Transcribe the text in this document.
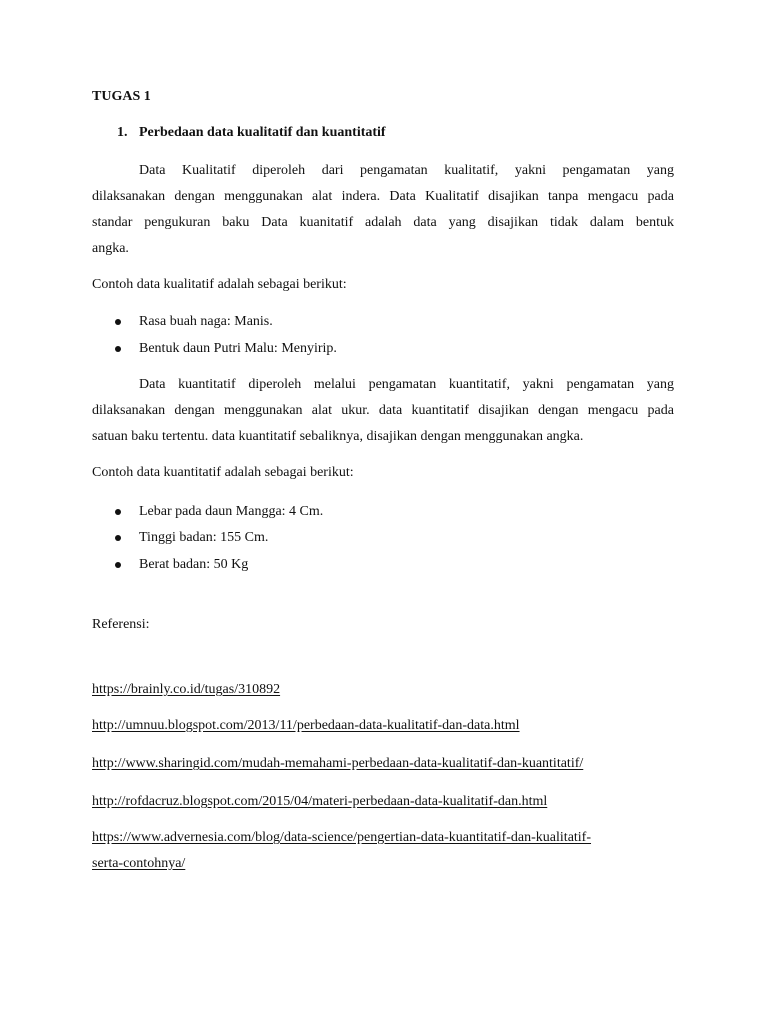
TUGAS 1

1. Perbedaan data kualitatif dan kuantitatif

Data Kualitatif diperoleh dari pengamatan kualitatif, yakni pengamatan yang

dilaksanakan dengan menggunakan alat indera. Data Kualitatif disajikan tanpa mengacu pada

standar pengukuran baku Data kuanitatif adalah data yang disajikan tidak dalam bentuk

angka.

Contoh data kualitatif adalah sebagai berikut:

Rasa buah naga: Manis.
Bentuk daun Putri Malu: Menyirip.

Data kuantitatif diperoleh melalui pengamatan kuantitatif, yakni pengamatan yang

dilaksanakan dengan menggunakan alat ukur. data kuantitatif disajikan dengan mengacu pada

satuan baku tertentu. data kuantitatif sebaliknya, disajikan dengan menggunakan angka.

Contoh data kuantitatif adalah sebagai berikut:

Lebar pada daun Mangga: 4 Cm.
Tinggi badan: 155 Cm.
Berat badan: 50 Kg

Referensi:

https://brainly.co.id/tugas/310892

http://umnuu.blogspot.com/2013/11/perbedaan-data-kualitatif-dan-data.html

http://www.sharingid.com/mudah-memahami-perbedaan-data-kualitatif-dan-kuantitatif/

http://rofdacruz.blogspot.com/2015/04/materi-perbedaan-data-kualitatif-dan.html

https://www.advernesia.com/blog/data-science/pengertian-data-kuantitatif-dan-kualitatif-

serta-contohnya/
